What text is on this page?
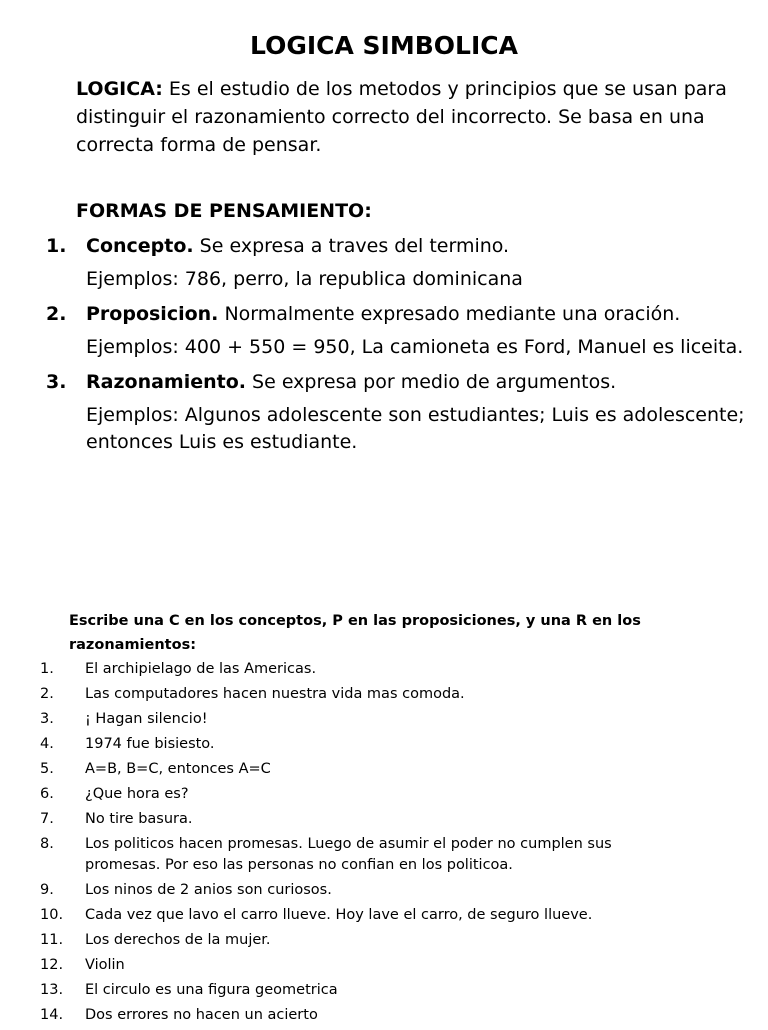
LOGICA SIMBOLICA
LOGICA: Es el estudio de los metodos y principios que se usan para distinguir el razonamiento correcto del incorrecto. Se basa en una correcta forma de pensar.
FORMAS DE PENSAMIENTO:
1. Concepto. Se expresa a traves del termino.
Ejemplos: 786, perro, la republica dominicana
2. Proposicion. Normalmente expresado mediante una oración.
Ejemplos: 400 + 550 = 950, La camioneta es Ford, Manuel es liceita.
3. Razonamiento. Se expresa por medio de argumentos.
Ejemplos: Algunos adolescente son estudiantes; Luis es adolescente; entonces Luis es estudiante.
Escribe una C en los conceptos, P en las proposiciones, y una R en los razonamientos:
1. El archipielago de las Americas.
2. Las computadores hacen nuestra vida mas comoda.
3. ¡ Hagan silencio!
4. 1974 fue bisiesto.
5. A=B, B=C, entonces A=C
6. ¿Que hora es?
7. No tire basura.
8. Los politicos hacen promesas. Luego de asumir el poder no cumplen sus promesas. Por eso las personas no confian en los politicoa.
9. Los ninos de 2 anios son curiosos.
10. Cada vez que lavo el carro llueve. Hoy lave el carro, de seguro llueve.
11. Los derechos de la mujer.
12. Violin
13. El circulo es una figura geometrica
14. Dos errores no hacen un acierto
